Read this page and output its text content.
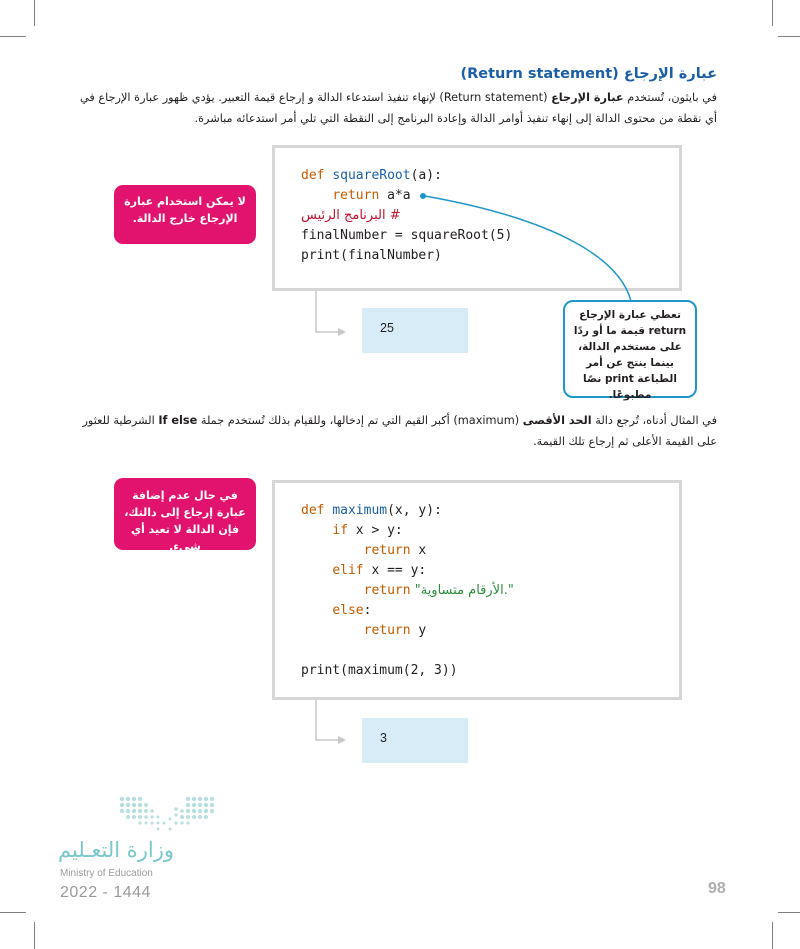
عبارة الإرجاع (Return statement)
في بايثون، تُستخدم عبارة الإرجاع (Return statement) لإنهاء تنفيذ استدعاء الدالة و إرجاع قيمة التعبير. يؤدي ظهور عبارة الإرجاع في أي نقطة من محتوى الدالة إلى إنهاء تنفيذ أوامر الدالة وإعادة البرنامج إلى النقطة التي تلي أمر استدعائه مباشرة.
def squareRoot(a):
return a*a
البرنامج الرئيس #
finalNumber = squareRoot(5)
print(finalNumber)
25
لا يمكن استخدام عبارة الإرجاع خارج الدالة.
تعطي عبارة الإرجاع return قيمة ما أو ردًا على مستخدم الدالة، بينما ينتج عن أمر الطباعة print نصًا مطبوعًا.
في المثال أدناه، تُرجع دالة الحد الأقصى (maximum) أكبر القيم التي تم إدخالها، وللقيام بذلك تُستخدم جملة If else الشرطية للعثور على القيمة الأعلى ثم إرجاع تلك القيمة.
def maximum(x, y):
if x > y:
return x
elif x == y:
return "الأرقام متساوية."
else:
return y

print(maximum(2, 3))
3
في حال عدم إضافة عبارة إرجاع إلى دالتك، فإن الدالة لا تعيد أي شيء.
وزارة التعـليم
Ministry of Education
2022 - 1444	98
